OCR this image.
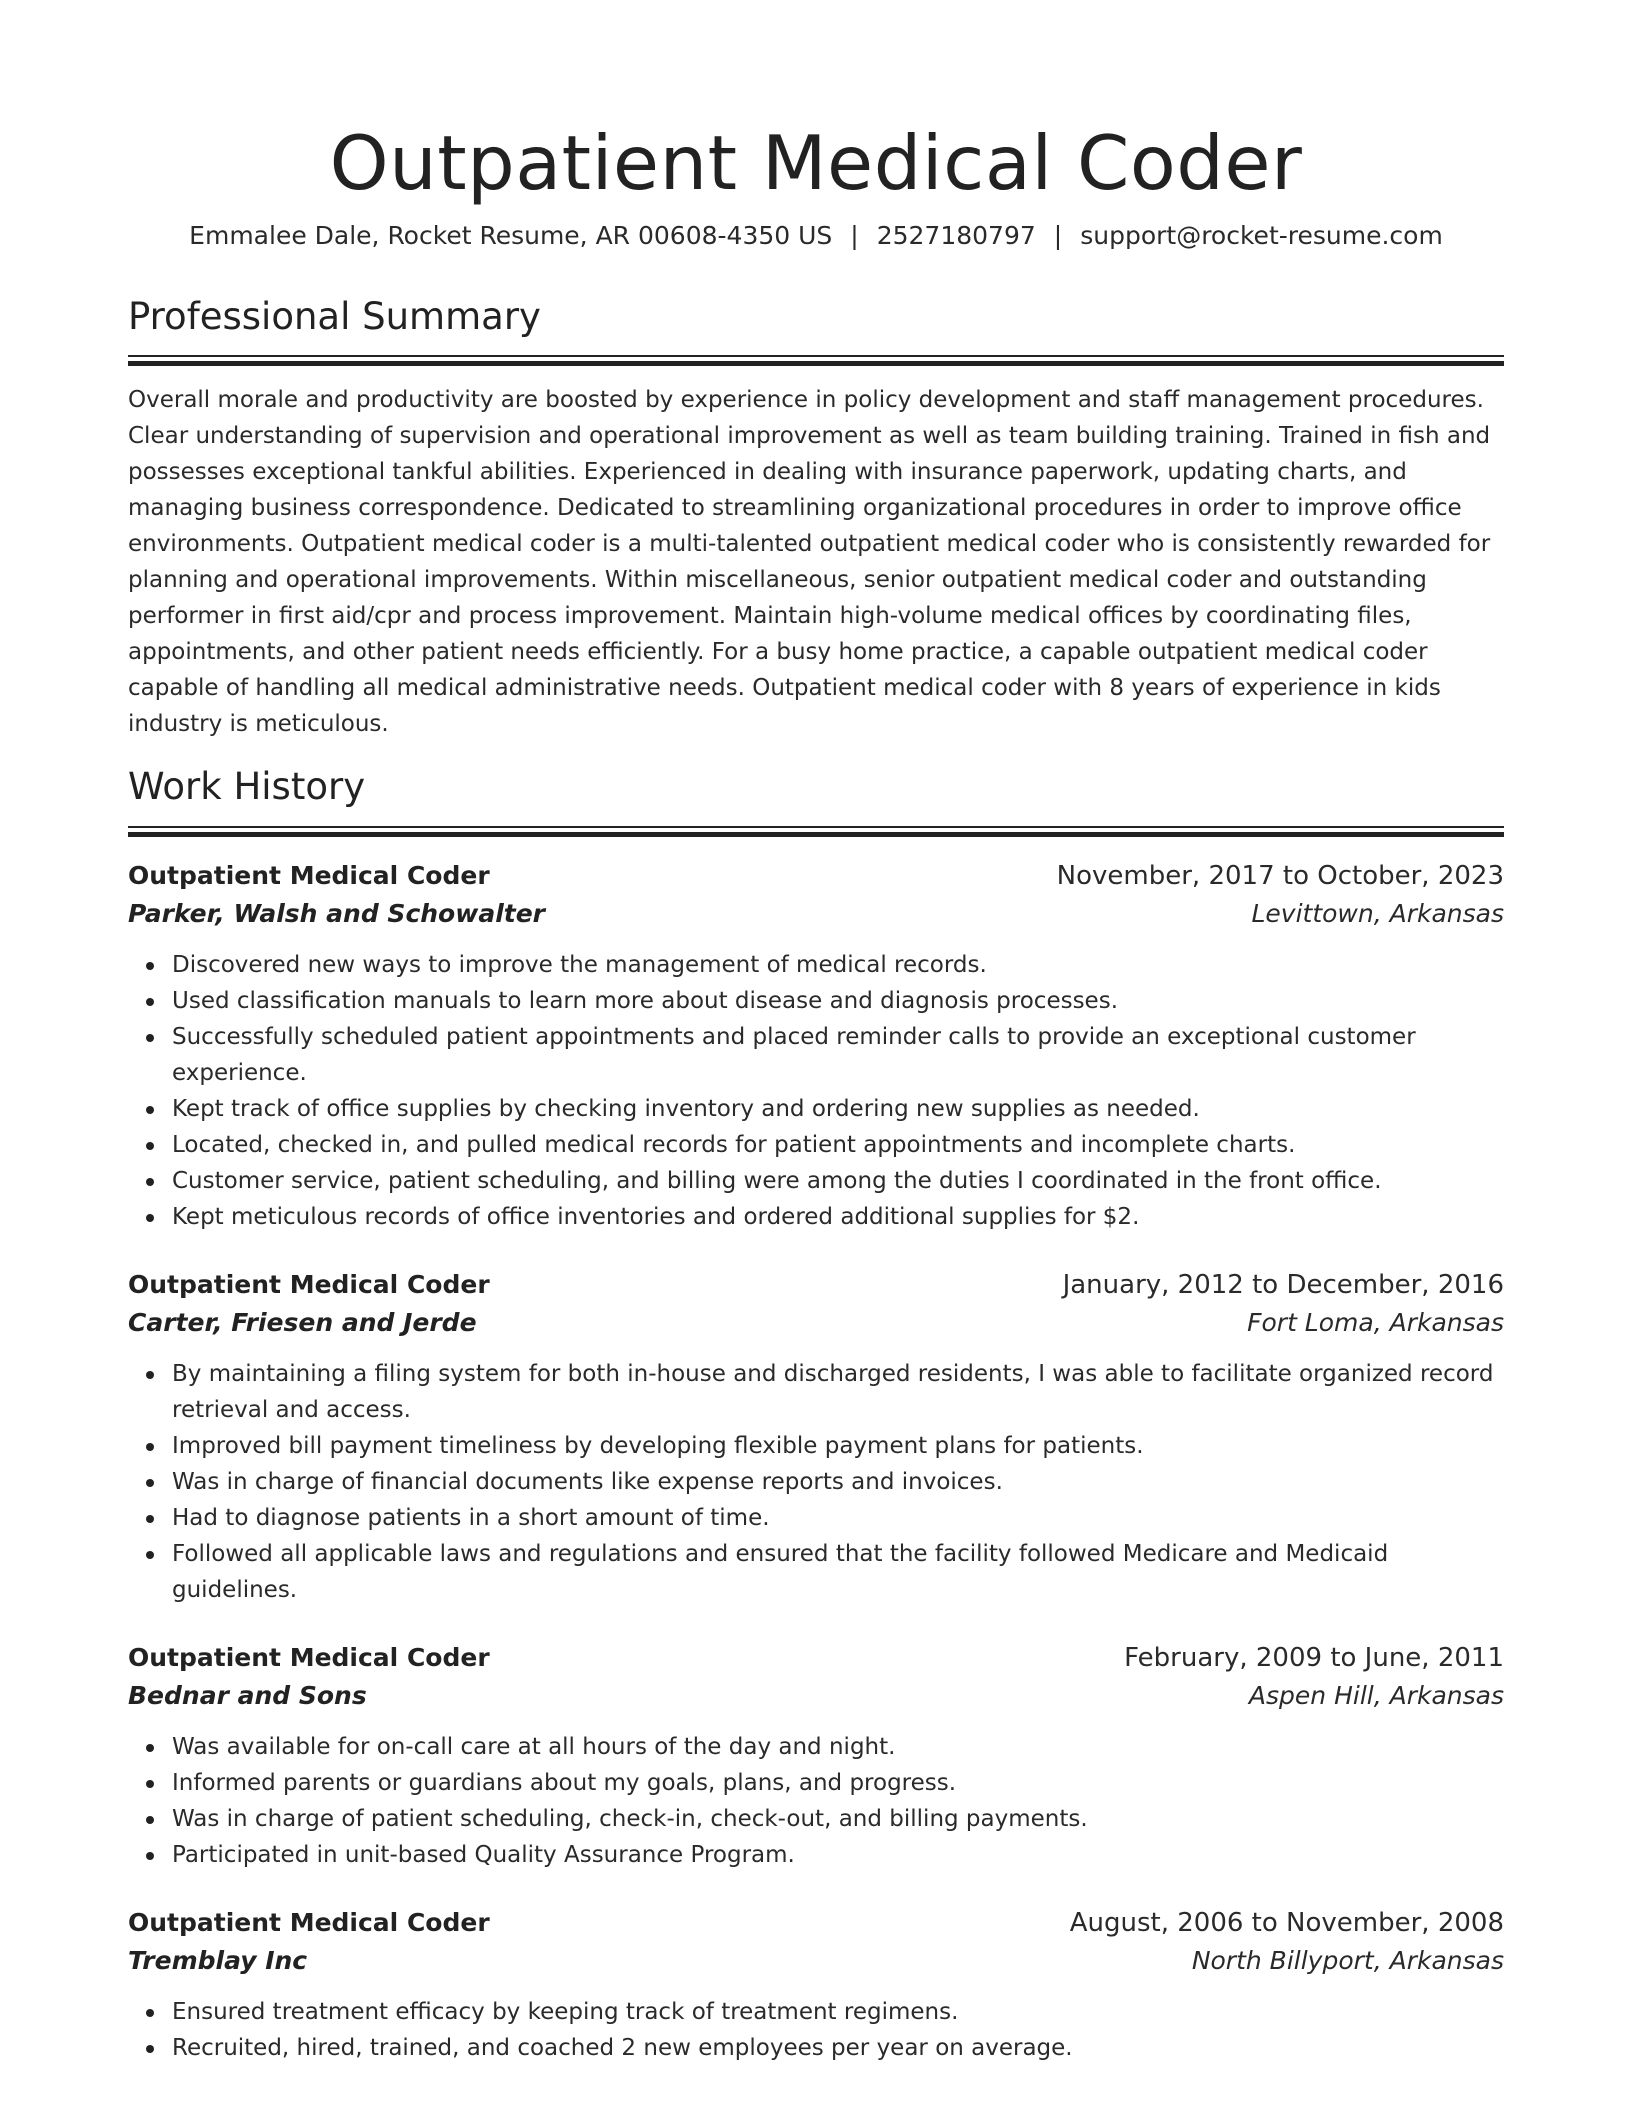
Outpatient Medical Coder
Emmalee Dale, Rocket Resume, AR 00608-4350 US | 2527180797 | support@rocket-resume.com
Professional Summary

Overall morale and productivity are boosted by experience in policy development and staff management procedures. Clear understanding of supervision and operational improvement as well as team building training. Trained in fish and possesses exceptional tankful abilities. Experienced in dealing with insurance paperwork, updating charts, and managing business correspondence. Dedicated to streamlining organizational procedures in order to improve office environments. Outpatient medical coder is a multi-talented outpatient medical coder who is consistently rewarded for planning and operational improvements. Within miscellaneous, senior outpatient medical coder and outstanding performer in first aid/cpr and process improvement. Maintain high-volume medical offices by coordinating files, appointments, and other patient needs efficiently. For a busy home practice, a capable outpatient medical coder capable of handling all medical administrative needs. Outpatient medical coder with 8 years of experience in kids industry is meticulous.

Work History
Outpatient Medical Coder	November, 2017 to October, 2023
Parker, Walsh and Schowalter	Levittown, Arkansas
Discovered new ways to improve the management of medical records.
Used classification manuals to learn more about disease and diagnosis processes.
Successfully scheduled patient appointments and placed reminder calls to provide an exceptional customer experience.
Kept track of office supplies by checking inventory and ordering new supplies as needed.
Located, checked in, and pulled medical records for patient appointments and incomplete charts.
Customer service, patient scheduling, and billing were among the duties I coordinated in the front office.
Kept meticulous records of office inventories and ordered additional supplies for $2.
Outpatient Medical Coder	January, 2012 to December, 2016
Carter, Friesen and Jerde	Fort Loma, Arkansas
By maintaining a filing system for both in-house and discharged residents, I was able to facilitate organized record retrieval and access.
Improved bill payment timeliness by developing flexible payment plans for patients.
Was in charge of financial documents like expense reports and invoices.
Had to diagnose patients in a short amount of time.
Followed all applicable laws and regulations and ensured that the facility followed Medicare and Medicaid guidelines.
Outpatient Medical Coder	February, 2009 to June, 2011
Bednar and Sons	Aspen Hill, Arkansas
Was available for on-call care at all hours of the day and night.
Informed parents or guardians about my goals, plans, and progress.
Was in charge of patient scheduling, check-in, check-out, and billing payments.
Participated in unit-based Quality Assurance Program.
Outpatient Medical Coder	August, 2006 to November, 2008
Tremblay Inc	North Billyport, Arkansas
Ensured treatment efficacy by keeping track of treatment regimens.
Recruited, hired, trained, and coached 2 new employees per year on average.
